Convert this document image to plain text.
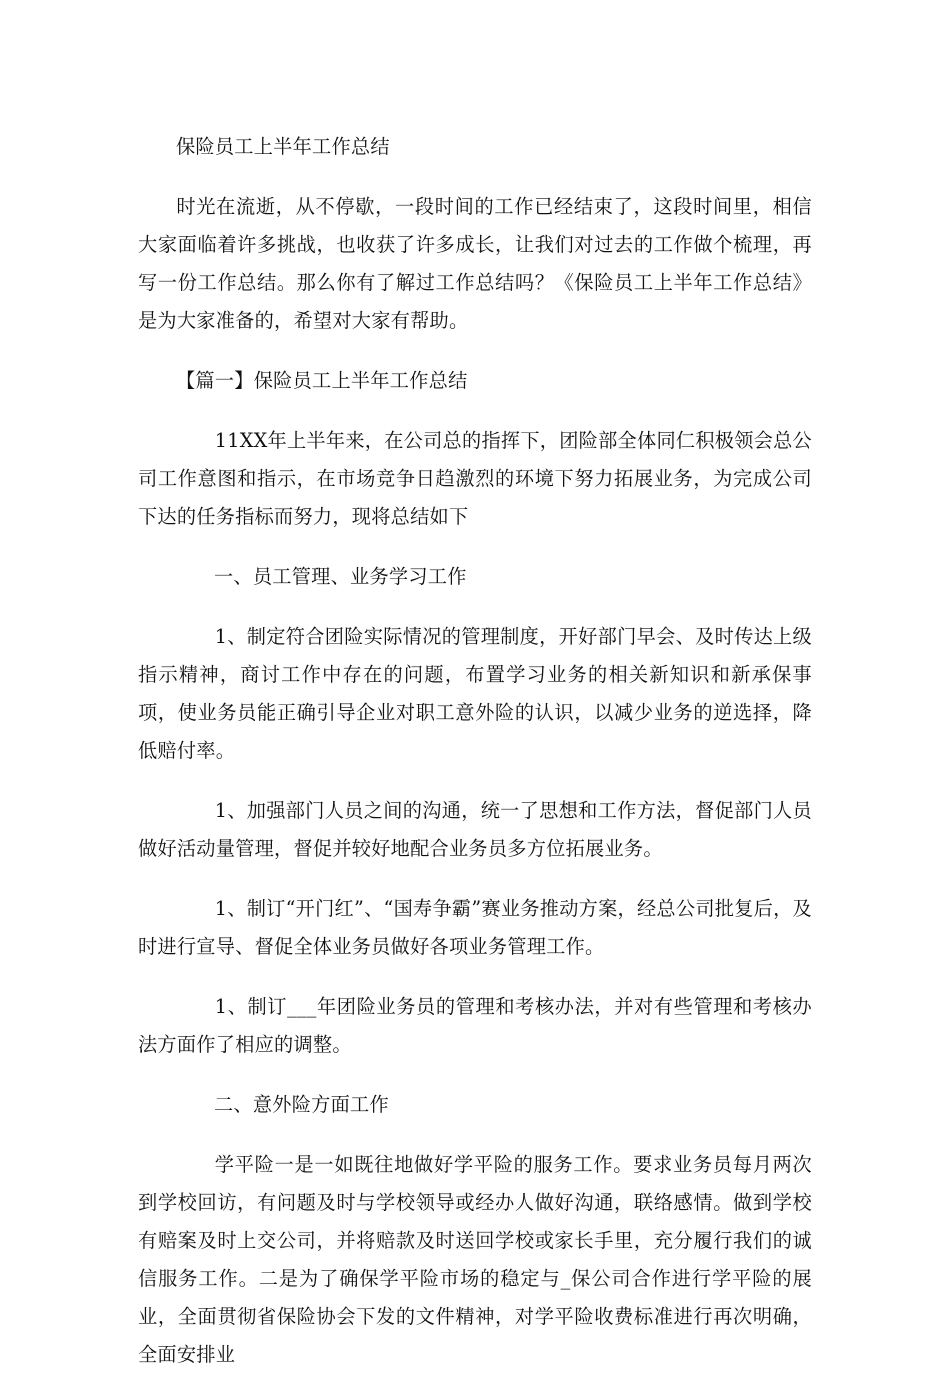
保险员工上半年工作总结

时光在流逝，从不停歇，一段时间的工作已经结束了，这段时间里，相信大家面临着许多挑战，也收获了许多成长，让我们对过去的工作做个梳理，再写一份工作总结。那么你有了解过工作总结吗？《保险员工上半年工作总结》是为大家准备的，希望对大家有帮助。

【篇一】保险员工上半年工作总结

11XX年上半年来，在公司总的指挥下，团险部全体同仁积极领会总公司工作意图和指示，在市场竞争日趋激烈的环境下努力拓展业务，为完成公司下达的任务指标而努力，现将总结如下

一、员工管理、业务学习工作

1、制定符合团险实际情况的管理制度，开好部门早会、及时传达上级指示精神，商讨工作中存在的问题，布置学习业务的相关新知识和新承保事项，使业务员能正确引导企业对职工意外险的认识，以减少业务的逆选择，降低赔付率。

1、加强部门人员之间的沟通，统一了思想和工作方法，督促部门人员做好活动量管理，督促并较好地配合业务员多方位拓展业务。

1、制订“开门红”、“国寿争霸”赛业务推动方案，经总公司批复后，及时进行宣导、督促全体业务员做好各项业务管理工作。

1、制订___年团险业务员的管理和考核办法，并对有些管理和考核办法方面作了相应的调整。

二、意外险方面工作

学平险一是一如既往地做好学平险的服务工作。要求业务员每月两次到学校回访，有问题及时与学校领导或经办人做好沟通，联络感情。做到学校有赔案及时上交公司，并将赔款及时送回学校或家长手里，充分履行我们的诚信服务工作。二是为了确保学平险市场的稳定与_保公司合作进行学平险的展业，全面贯彻省保险协会下发的文件精神，对学平险收费标准进行再次明确，全面安排业
